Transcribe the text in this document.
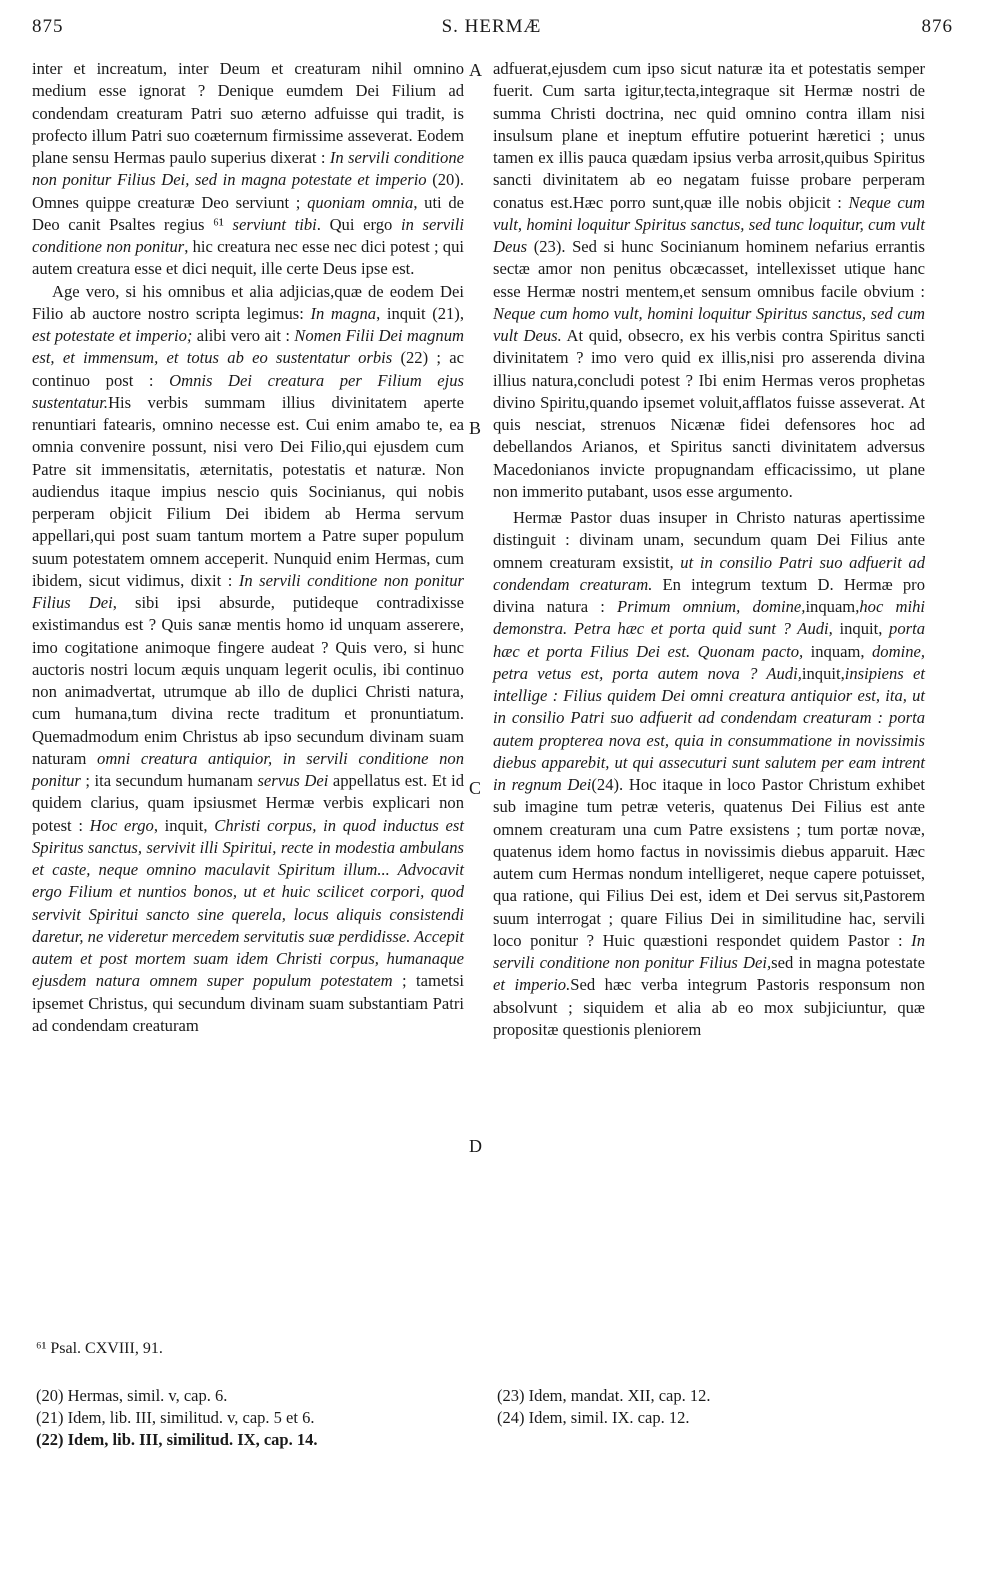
875	S. HERMÆ	876
A
B
C
D

inter et increatum, inter Deum et creaturam nihil omnino medium esse ignorat ? Denique eumdem Dei Filium ad condendam creaturam Patri suo æterno adfuisse qui tradit, is profecto illum Patri suo coæternum firmissime asseverat. Eodem plane sensu Hermas paulo superius dixerat : In servili conditione non ponitur Filius Dei, sed in magna potestate et imperio (20). Omnes quippe creaturæ Deo serviunt ; quoniam omnia, uti de Deo canit Psaltes regius ⁶¹ serviunt tibi. Qui ergo in servili conditione non ponitur, hic creatura nec esse nec dici potest ; qui autem creatura esse et dici nequit, ille certe Deus ipse est.

Age vero, si his omnibus et alia adjicias,quæ de eodem Dei Filio ab auctore nostro scripta legimus: In magna, inquit (21), est potestate et imperio; alibi vero ait : Nomen Filii Dei magnum est, et immensum, et totus ab eo sustentatur orbis (22) ; ac continuo post : Omnis Dei creatura per Filium ejus sustentatur.His verbis summam illius divinitatem aperte renuntiari fatearis, omnino necesse est. Cui enim amabo te, ea omnia convenire possunt, nisi vero Dei Filio,qui ejusdem cum Patre sit immensitatis, æternitatis, potestatis et naturæ. Non audiendus itaque impius nescio quis Socinianus, qui nobis perperam objicit Filium Dei ibidem ab Herma servum appellari,qui post suam tantum mortem a Patre super populum suum potestatem omnem acceperit. Nunquid enim Hermas, cum ibidem, sicut vidimus, dixit : In servili conditione non ponitur Filius Dei, sibi ipsi absurde, putideque contradixisse existimandus est ? Quis sanæ mentis homo id unquam asserere, imo cogitatione animoque fingere audeat ? Quis vero, si hunc auctoris nostri locum æquis unquam legerit oculis, ibi continuo non animadvertat, utrumque ab illo de duplici Christi natura, cum humana,tum divina recte traditum et pronuntiatum. Quemadmodum enim Christus ab ipso secundum divinam suam naturam omni creatura antiquior, in servili conditione non ponitur ; ita secundum humanam servus Dei appellatus est. Et id quidem clarius, quam ipsiusmet Hermæ verbis explicari non potest : Hoc ergo, inquit, Christi corpus, in quod inductus est Spiritus sanctus, servivit illi Spiritui, recte in modestia ambulans et caste, neque omnino maculavit Spiritum illum... Advocavit ergo Filium et nuntios bonos, ut et huic scilicet corpori, quod servivit Spiritui sancto sine querela, locus aliquis consistendi daretur, ne videretur mercedem servitutis suæ perdidisse. Accepit autem et post mortem suam idem Christi corpus, humanaque ejusdem natura omnem super populum potestatem ; tametsi ipsemet Christus, qui secundum divinam suam substantiam Patri ad condendam creaturam

adfuerat,ejusdem cum ipso sicut naturæ ita et potestatis semper fuerit. Cum sarta igitur,tecta,integraque sit Hermæ nostri de summa Christi doctrina, nec quid omnino contra illam nisi insulsum plane et ineptum effutire potuerint hæretici ; unus tamen ex illis pauca quædam ipsius verba arrosit,quibus Spiritus sancti divinitatem ab eo negatam fuisse probare perperam conatus est.Hæc porro sunt,quæ ille nobis objicit : Neque cum vult, homini loquitur Spiritus sanctus, sed tunc loquitur, cum vult Deus (23). Sed si hunc Socinianum hominem nefarius errantis sectæ amor non penitus obcæcasset, intellexisset utique hanc esse Hermæ nostri mentem,et sensum omnibus facile obvium : Neque cum homo vult, homini loquitur Spiritus sanctus, sed cum vult Deus. At quid, obsecro, ex his verbis contra Spiritus sancti divinitatem ? imo vero quid ex illis,nisi pro asserenda divina illius natura,concludi potest ? Ibi enim Hermas veros prophetas divino Spiritu,quando ipsemet voluit,afflatos fuisse asseverat. At quis nesciat, strenuos Nicænæ fidei defensores hoc ad debellandos Arianos, et Spiritus sancti divinitatem adversus Macedonianos invicte propugnandam efficacissimo, ut plane non immerito putabant, usos esse argumento.

Hermæ Pastor duas insuper in Christo naturas apertissime distinguit : divinam unam, secundum quam Dei Filius ante omnem creaturam exsistit, ut in consilio Patri suo adfuerit ad condendam creaturam. En integrum textum D. Hermæ pro divina natura : Primum omnium, domine,inquam,hoc mihi demonstra. Petra hæc et porta quid sunt ? Audi, inquit, porta hæc et porta Filius Dei est. Quonam pacto, inquam, domine, petra vetus est, porta autem nova ? Audi,inquit,insipiens et intellige : Filius quidem Dei omni creatura antiquior est, ita, ut in consilio Patri suo adfuerit ad condendam creaturam : porta autem propterea nova est, quia in consummatione in novissimis diebus apparebit, ut qui assecuturi sunt salutem per eam intrent in regnum Dei(24). Hoc itaque in loco Pastor Christum exhibet sub imagine tum petræ veteris, quatenus Dei Filius est ante omnem creaturam una cum Patre exsistens ; tum portæ novæ, quatenus idem homo factus in novissimis diebus apparuit. Hæc autem cum Hermas nondum intelligeret, neque capere potuisset, qua ratione, qui Filius Dei est, idem et Dei servus sit,Pastorem suum interrogat ; quare Filius Dei in similitudine hac, servili loco ponitur ? Huic quæstioni respondet quidem Pastor : In servili conditione non ponitur Filius Dei,sed in magna potestate et imperio.Sed hæc verba integrum Pastoris responsum non absolvunt ; siquidem et alia ab eo mox subjiciuntur, quæ propositæ questionis pleniorem

⁶¹ Psal. CXVIII, 91.
(20) Hermas, simil. v, cap. 6.
(21) Idem, lib. III, similitud. v, cap. 5 et 6.
(22) Idem, lib. III, similitud. IX, cap. 14.
(23) Idem, mandat. XII, cap. 12.
(24) Idem, simil. IX. cap. 12.
